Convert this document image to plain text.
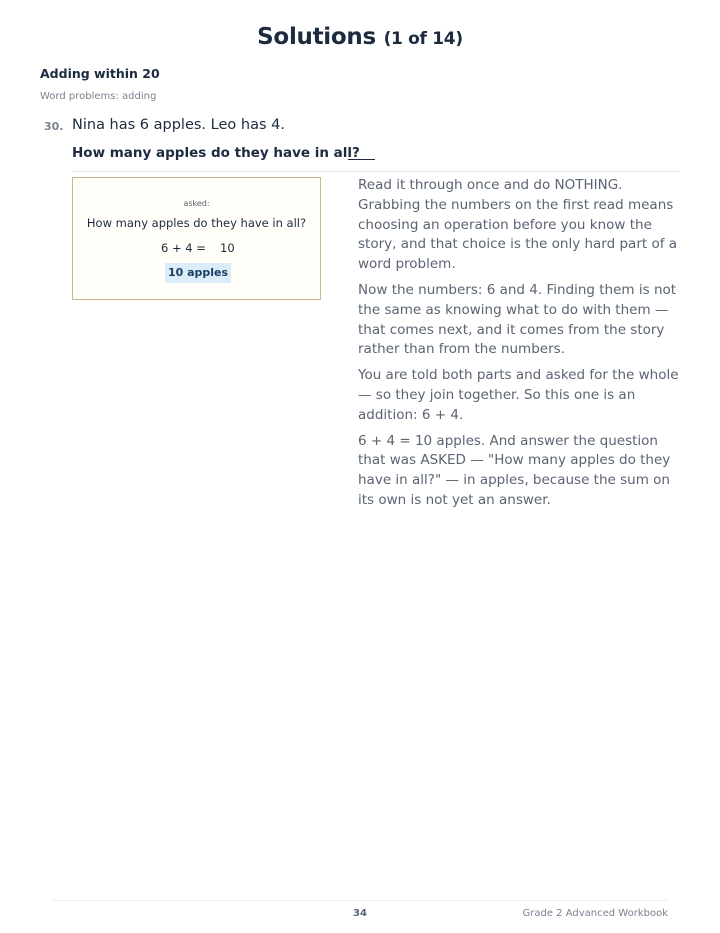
Solutions (1 of 14)
Adding within 20
Word problems: adding
30. Nina has 6 apples. Leo has 4.
How many apples do they have in all?
asked:
How many apples do they have in all?
6 + 4 = 10
10 apples

Read it through once and do NOTHING. Grabbing the numbers on the first read means choosing an operation before you know the story, and that choice is the only hard part of a word problem.

Now the numbers: 6 and 4. Finding them is not the same as knowing what to do with them — that comes next, and it comes from the story rather than from the numbers.

You are told both parts and asked for the whole — so they join together. So this one is an addition: 6 + 4.

6 + 4 = 10 apples. And answer the question that was ASKED — "How many apples do they have in all?" — in apples, because the sum on its own is not yet an answer.

34	Grade 2 Advanced Workbook
